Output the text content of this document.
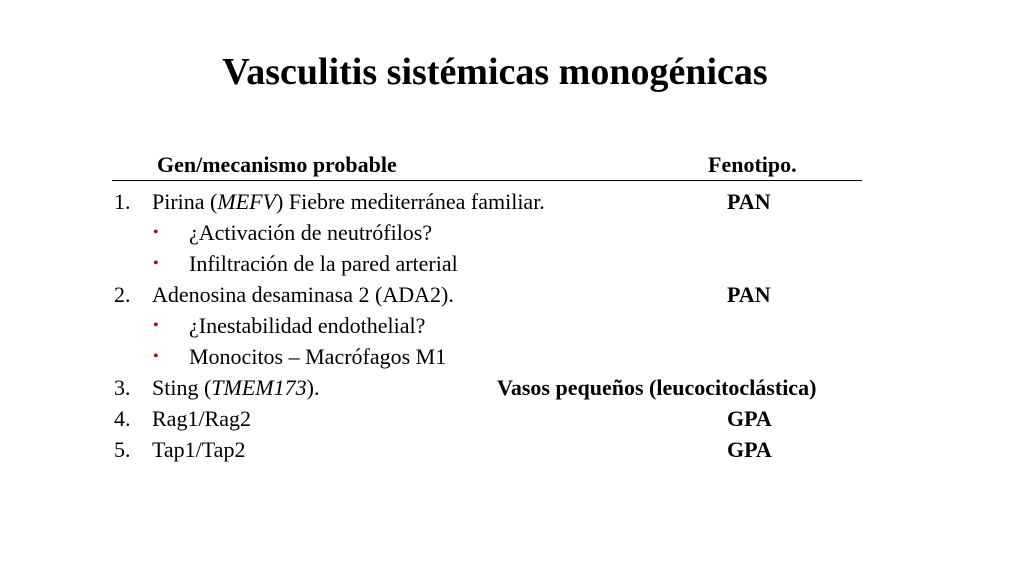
Vasculitis sistémicas monogénicas
Gen/mecanismo probable	Fenotipo.
1. Pirina (MEFV) Fiebre mediterránea familiar.	PAN
• ¿Activación de neutrófilos?
• Infiltración de la pared arterial
2. Adenosina desaminasa 2 (ADA2).	PAN
• ¿Inestabilidad endothelial?
• Monocitos – Macrófagos M1
3. Sting (TMEM173).	Vasos pequeños (leucocitoclástica)
4. Rag1/Rag2	GPA
5. Tap1/Tap2	GPA
